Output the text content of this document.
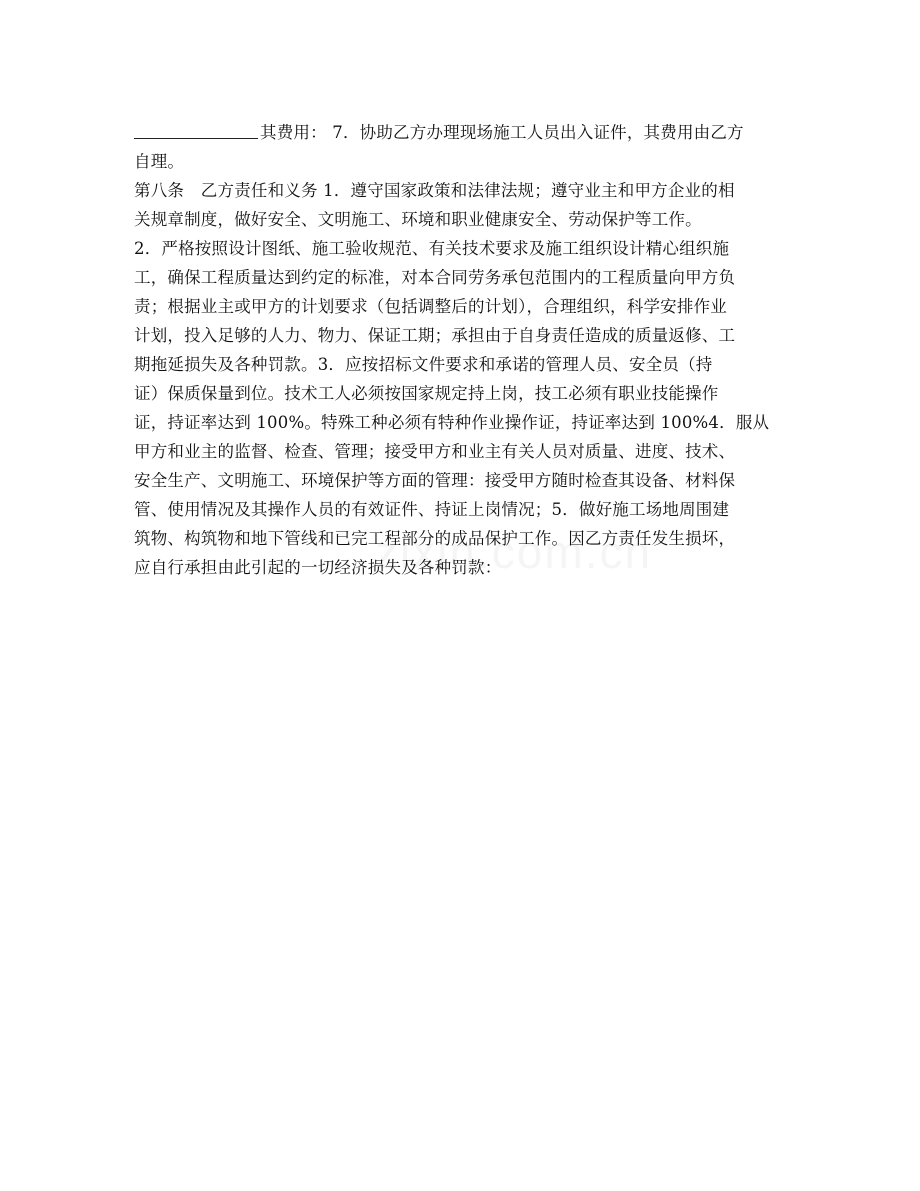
其费用： 7．协助乙方办理现场施工人员出入证件，其费用由乙方
自理。
第八条　乙方责任和义务 1．遵守国家政策和法律法规；遵守业主和甲方企业的相
关规章制度，做好安全、文明施工、环境和职业健康安全、劳动保护等工作。
2．严格按照设计图纸、施工验收规范、有关技术要求及施工组织设计精心组织施
工，确保工程质量达到约定的标准，对本合同劳务承包范围内的工程质量向甲方负
责；根据业主或甲方的计划要求（包括调整后的计划），合理组织，科学安排作业
计划，投入足够的人力、物力、保证工期；承担由于自身责任造成的质量返修、工
期拖延损失及各种罚款。3．应按招标文件要求和承诺的管理人员、安全员（持
证）保质保量到位。技术工人必须按国家规定持上岗，技工必须有职业技能操作
证，持证率达到 100%。特殊工种必须有特种作业操作证，持证率达到 100%4．服从
甲方和业主的监督、检查、管理；接受甲方和业主有关人员对质量、进度、技术、
安全生产、文明施工、环境保护等方面的管理：接受甲方随时检查其设备、材料保
管、使用情况及其操作人员的有效证件、持证上岗情况；5．做好施工场地周围建
筑物、构筑物和地下管线和已完工程部分的成品保护工作。因乙方责任发生损坏，
应自行承担由此引起的一切经济损失及各种罚款：
